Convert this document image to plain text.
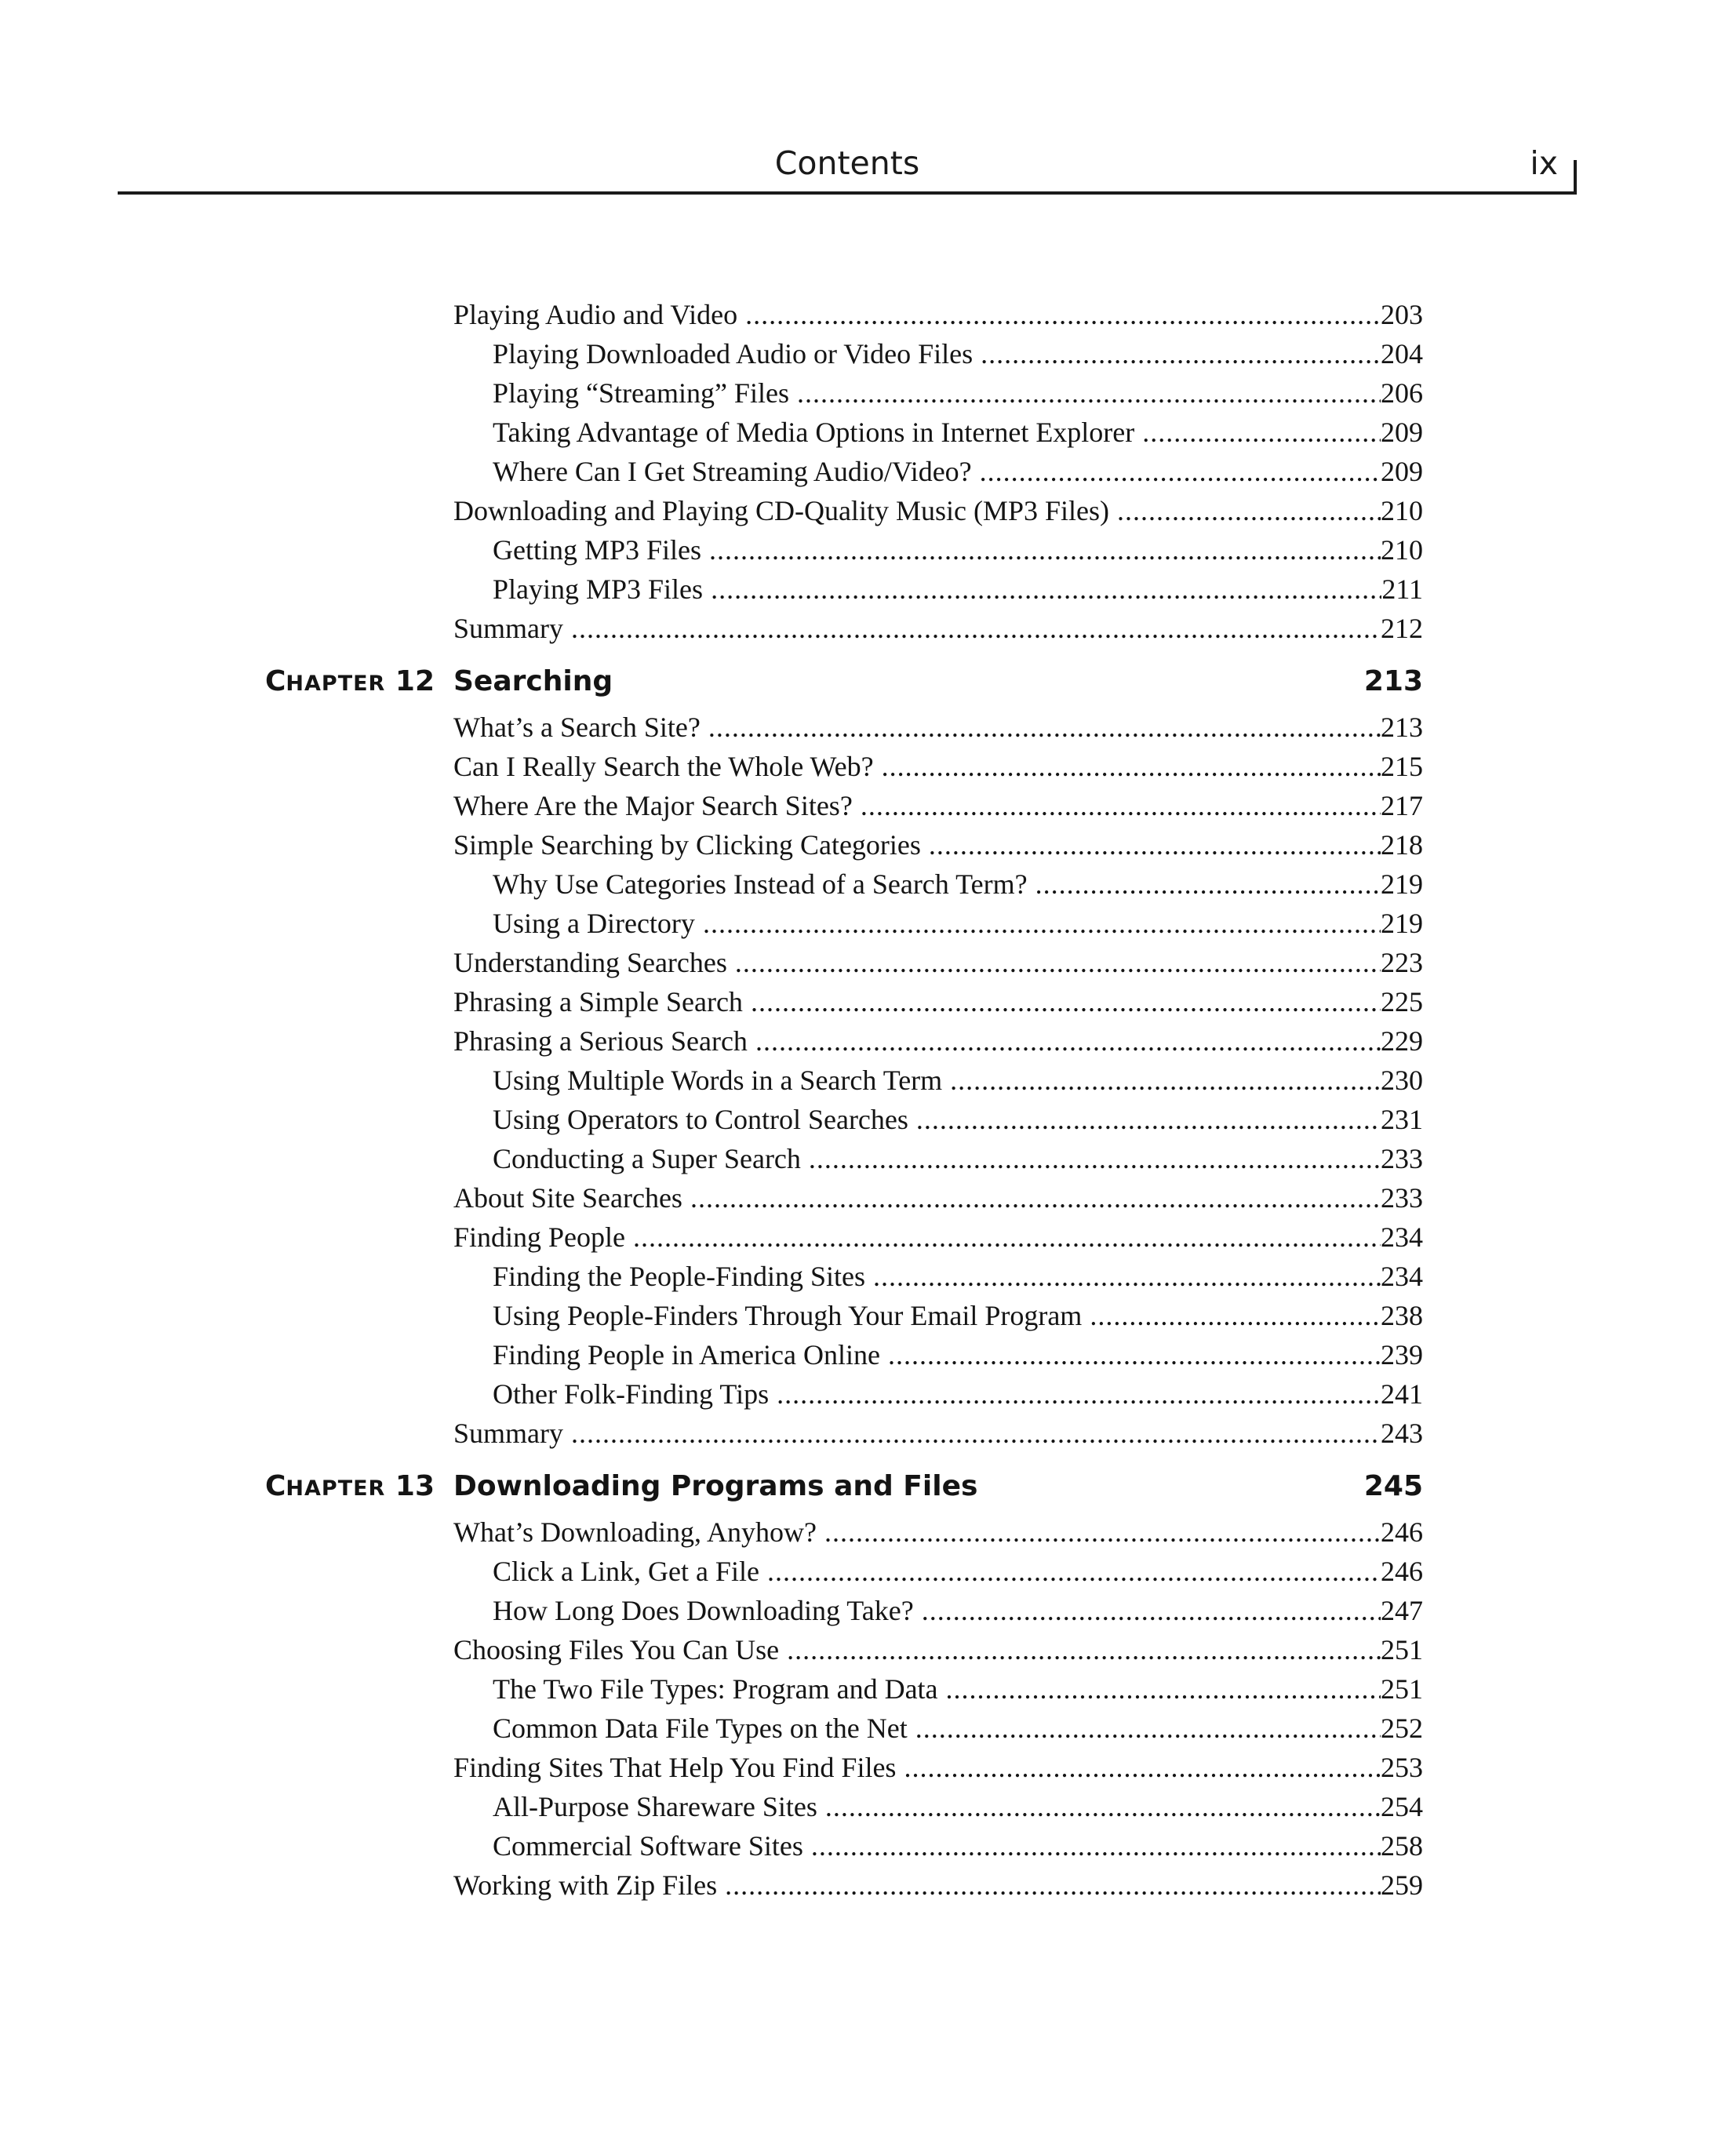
Contents	ix
Playing Audio and Video .....	203
Playing Downloaded Audio or Video Files .....	204
Playing “Streaming” Files .....	206
Taking Advantage of Media Options in Internet Explorer .....	209
Where Can I Get Streaming Audio/Video? .....	209
Downloading and Playing CD-Quality Music (MP3 Files) .....	210
Getting MP3 Files .....	210
Playing MP3 Files .....	211
Summary .....	212
CHAPTER 12 Searching	213
What’s a Search Site? .....	213
Can I Really Search the Whole Web? .....	215
Where Are the Major Search Sites? .....	217
Simple Searching by Clicking Categories .....	218
Why Use Categories Instead of a Search Term? .....	219
Using a Directory .....	219
Understanding Searches .....	223
Phrasing a Simple Search .....	225
Phrasing a Serious Search .....	229
Using Multiple Words in a Search Term .....	230
Using Operators to Control Searches .....	231
Conducting a Super Search .....	233
About Site Searches .....	233
Finding People .....	234
Finding the People-Finding Sites .....	234
Using People-Finders Through Your Email Program .....	238
Finding People in America Online .....	239
Other Folk-Finding Tips .....	241
Summary .....	243
CHAPTER 13 Downloading Programs and Files	245
What’s Downloading, Anyhow? .....	246
Click a Link, Get a File .....	246
How Long Does Downloading Take? .....	247
Choosing Files You Can Use .....	251
The Two File Types: Program and Data .....	251
Common Data File Types on the Net .....	252
Finding Sites That Help You Find Files .....	253
All-Purpose Shareware Sites .....	254
Commercial Software Sites .....	258
Working with Zip Files .....	259
